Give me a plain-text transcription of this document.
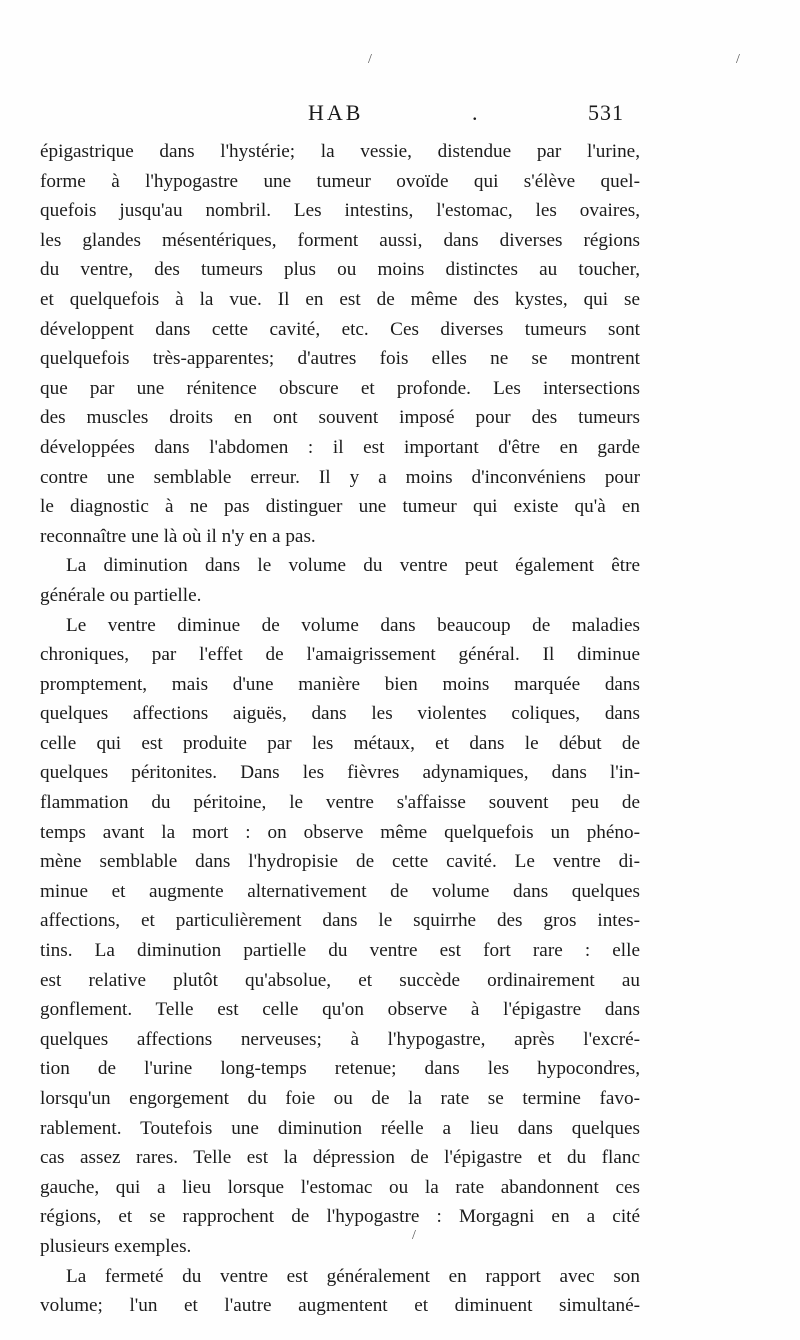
/	/
HAB	.	531
épigastrique dans l'hystérie; la vessie, distendue par l'urine,
forme à l'hypogastre une tumeur ovoïde qui s'élève quel-
quefois jusqu'au nombril. Les intestins, l'estomac, les ovaires,
les glandes mésentériques, forment aussi, dans diverses régions
du ventre, des tumeurs plus ou moins distinctes au toucher,
et quelquefois à la vue. Il en est de même des kystes, qui se
développent dans cette cavité, etc. Ces diverses tumeurs sont
quelquefois très-apparentes; d'autres fois elles ne se montrent
que par une rénitence obscure et profonde. Les intersections
des muscles droits en ont souvent imposé pour des tumeurs
développées dans l'abdomen : il est important d'être en garde
contre une semblable erreur. Il y a moins d'inconvéniens pour
le diagnostic à ne pas distinguer une tumeur qui existe qu'à en
reconnaître une là où il n'y en a pas.
La diminution dans le volume du ventre peut également être
générale ou partielle.
Le ventre diminue de volume dans beaucoup de maladies
chroniques, par l'effet de l'amaigrissement général. Il diminue
promptement, mais d'une manière bien moins marquée dans
quelques affections aiguës, dans les violentes coliques, dans
celle qui est produite par les métaux, et dans le début de
quelques péritonites. Dans les fièvres adynamiques, dans l'in-
flammation du péritoine, le ventre s'affaisse souvent peu de
temps avant la mort : on observe même quelquefois un phéno-
mène semblable dans l'hydropisie de cette cavité. Le ventre di-
minue et augmente alternativement de volume dans quelques
affections, et particulièrement dans le squirrhe des gros intes-
tins. La diminution partielle du ventre est fort rare : elle
est relative plutôt qu'absolue, et succède ordinairement au
gonflement. Telle est celle qu'on observe à l'épigastre dans
quelques affections nerveuses; à l'hypogastre, après l'excré-
tion de l'urine long-temps retenue; dans les hypocondres,
lorsqu'un engorgement du foie ou de la rate se termine favo-
rablement. Toutefois une diminution réelle a lieu dans quelques
cas assez rares. Telle est la dépression de l'épigastre et du flanc
gauche, qui a lieu lorsque l'estomac ou la rate abandonnent ces
régions, et se rapprochent de l'hypogastre : Morgagni en a cité
plusieurs exemples.
La fermeté du ventre est généralement en rapport avec son
volume; l'un et l'autre augmentent et diminuent simultané-
/
